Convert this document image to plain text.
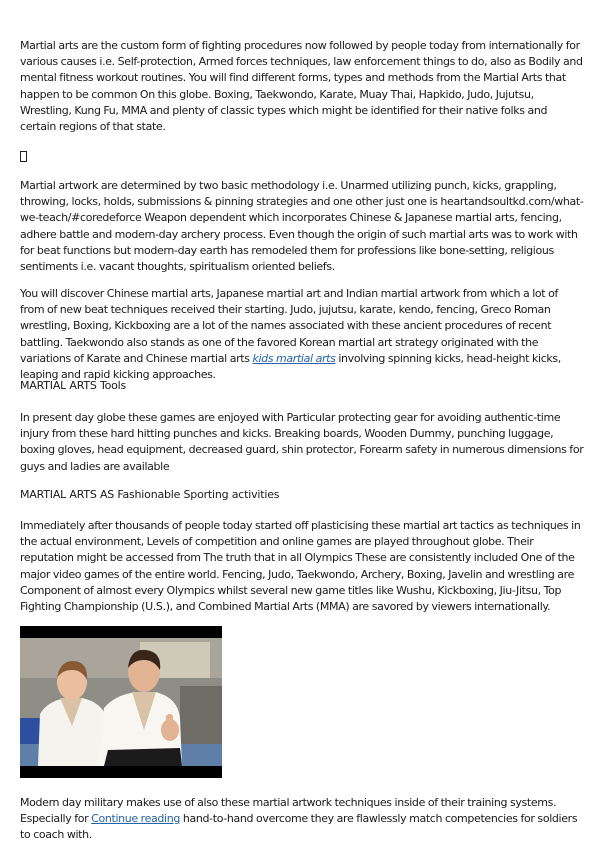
Martial arts are the custom form of fighting procedures now followed by people today from internationally for various causes i.e. Self-protection, Armed forces techniques, law enforcement things to do, also as Bodily and mental fitness workout routines. You will find different forms, types and methods from the Martial Arts that happen to be common On this globe. Boxing, Taekwondo, Karate, Muay Thai, Hapkido, Judo, Jujutsu, Wrestling, Kung Fu, MMA and plenty of classic types which might be identified for their native folks and certain regions of that state.

Martial artwork are determined by two basic methodology i.e. Unarmed utilizing punch, kicks, grappling, throwing, locks, holds, submissions & pinning strategies and one other just one is heartandsoultkd.com/what-we-teach/#coredeforce Weapon dependent which incorporates Chinese & Japanese martial arts, fencing, adhere battle and modern-day archery process. Even though the origin of such martial arts was to work with for beat functions but modern-day earth has remodeled them for professions like bone-setting, religious sentiments i.e. vacant thoughts, spiritualism oriented beliefs.

You will discover Chinese martial arts, Japanese martial art and Indian martial artwork from which a lot of from of new beat techniques received their starting. Judo, jujutsu, karate, kendo, fencing, Greco Roman wrestling, Boxing, Kickboxing are a lot of the names associated with these ancient procedures of recent battling. Taekwondo also stands as one of the favored Korean martial art strategy originated with the variations of Karate and Chinese martial arts kids martial arts involving spinning kicks, head-height kicks, leaping and rapid kicking approaches.

MARTIAL ARTS Tools

In present day globe these games are enjoyed with Particular protecting gear for avoiding authentic-time injury from these hard hitting punches and kicks. Breaking boards, Wooden Dummy, punching luggage, boxing gloves, head equipment, decreased guard, shin protector, Forearm safety in numerous dimensions for guys and ladies are available

MARTIAL ARTS AS Fashionable Sporting activities

Immediately after thousands of people today started off plasticising these martial art tactics as techniques in the actual environment, Levels of competition and online games are played throughout globe. Their reputation might be accessed from The truth that in all Olympics These are consistently included One of the major video games of the entire world. Fencing, Judo, Taekwondo, Archery, Boxing, Javelin and wrestling are Component of almost every Olympics whilst several new game titles like Wushu, Kickboxing, Jiu-Jitsu, Top Fighting Championship (U.S.), and Combined Martial Arts (MMA) are savored by viewers internationally.

Modern day military makes use of also these martial artwork techniques inside of their training systems. Especially for Continue reading hand-to-hand overcome they are flawlessly match competencies for soldiers to coach with.
